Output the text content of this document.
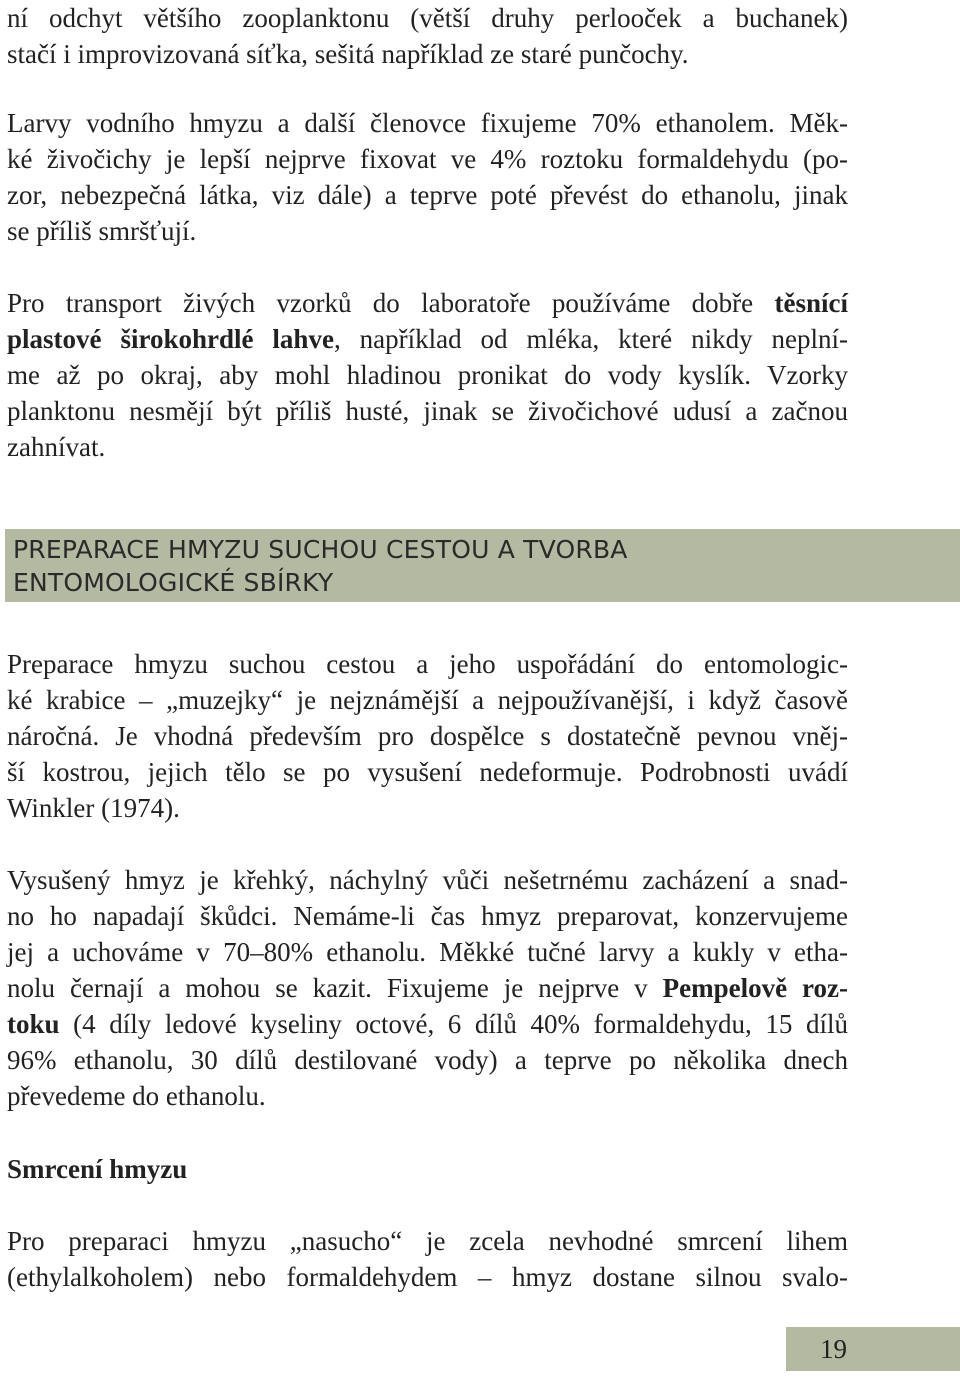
ní odchyt většího zooplanktonu (větší druhy perlooček a buchanek)
stačí i improvizovaná síťka, sešitá například ze staré punčochy.
Larvy vodního hmyzu a další členovce fixujeme 70% ethanolem. Měk-
ké živočichy je lepší nejprve fixovat ve 4% roztoku formaldehydu (po-
zor, nebezpečná látka, viz dále) a teprve poté převést do ethanolu, jinak
se příliš smršťují.
Pro transport živých vzorků do laboratoře používáme dobře těsnící
plastové širokohrdlé lahve, například od mléka, které nikdy neplní-
me až po okraj, aby mohl hladinou pronikat do vody kyslík. Vzorky
planktonu nesmějí být příliš husté, jinak se živočichové udusí a začnou
zahnívat.
PREPARACE HMYZU SUCHOU CESTOU A TVORBA
ENTOMOLOGICKÉ SBÍRKY
Preparace hmyzu suchou cestou a jeho uspořádání do entomologic-
ké krabice – „muzejky“ je nejznámější a nejpoužívanější, i když časově
náročná. Je vhodná především pro dospělce s dostatečně pevnou vněj-
ší kostrou, jejich tělo se po vysušení nedeformuje. Podrobnosti uvádí
Winkler (1974).
Vysušený hmyz je křehký, náchylný vůči nešetrnému zacházení a snad-
no ho napadají škůdci. Nemáme-li čas hmyz preparovat, konzervujeme
jej a uchováme v 70–80% ethanolu. Měkké tučné larvy a kukly v etha-
nolu černají a mohou se kazit. Fixujeme je nejprve v Pempelově roz-
toku (4 díly ledové kyseliny octové, 6 dílů 40% formaldehydu, 15 dílů
96% ethanolu, 30 dílů destilované vody) a teprve po několika dnech
převedeme do ethanolu.
Smrcení hmyzu
Pro preparaci hmyzu „nasucho“ je zcela nevhodné smrcení lihem
(ethylalkoholem) nebo formaldehydem – hmyz dostane silnou svalo-
19
